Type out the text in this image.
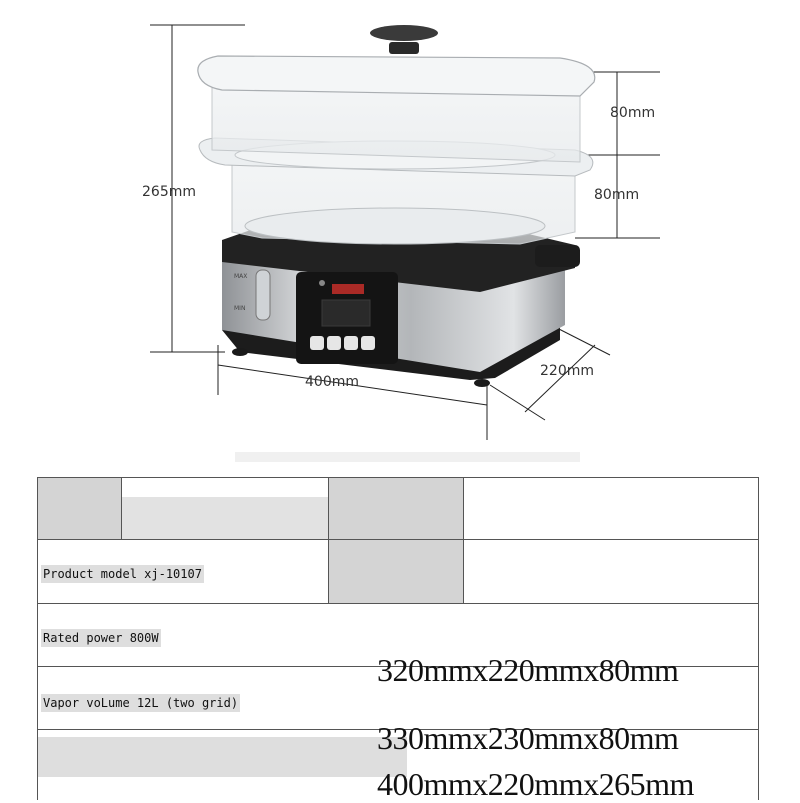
265mm
80mm
80mm
400mm
220mm
MAX
MIN
Product model xj-10107
Rated power 800W
Vapor voLume 12L (two grid)
320mmx220mmx80mm
330mmx230mmx80mm
400mmx220mmx265mm
